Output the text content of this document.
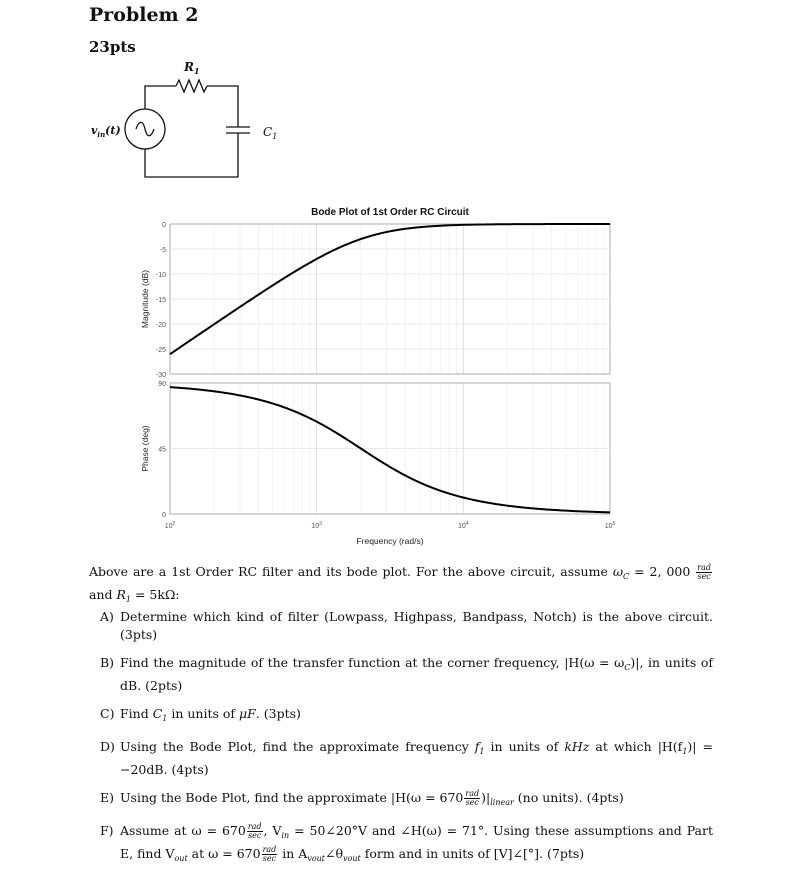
Problem 2
23pts
$R_1$
$C_1$
$v_{in}(t)$
Bode Plot of 1st Order RC Circuit
0
-5
-10
-15
-20
-25
-30
90
45
0
$10^2$	$10^3$	$10^4$	$10^5$
Frequency (rad/s)
Magnitude (dB)
Phase (deg)
Above are a 1st Order RC filter and its bode plot. For the above circuit, assume $\omega_C = 2$, $000 \frac{\text{rad}}{\sec}$
and $R_1 = 5k\Omega$:
A) Determine which kind of filter (Lowpass, Highpass, Bandpass, Notch) is the above circuit. (3pts)
B) Find the magnitude of the transfer function at the corner frequency, $|H(\omega = \omega_C)|$, in units of dB. (2pts)
C) Find $C_1$ in units of μF. (3pts)
D) Using the Bode Plot, find the approximate frequency $f_1$ in units of kHz at which $|H(f_1)| = -20dB$. (4pts)
E) Using the Bode Plot, find the approximate $|H(\omega = 670 \frac{\text{rad}}{\sec} )|_{linear}$ (no units). (4pts)
F) Assume at $\omega = 670 \frac{\text{rad}}{\sec}$ , $V_{in}$ = 50∠20°V and ∠H(ω) = 71°. Using these assumptions and Part E, find $V_{out}$ at $\omega = 670 \frac{\text{rad}}{\sec}$ in $A_{vout}\angle\theta_{vout}$ form and in units of [V]∠[°]. (7pts)
